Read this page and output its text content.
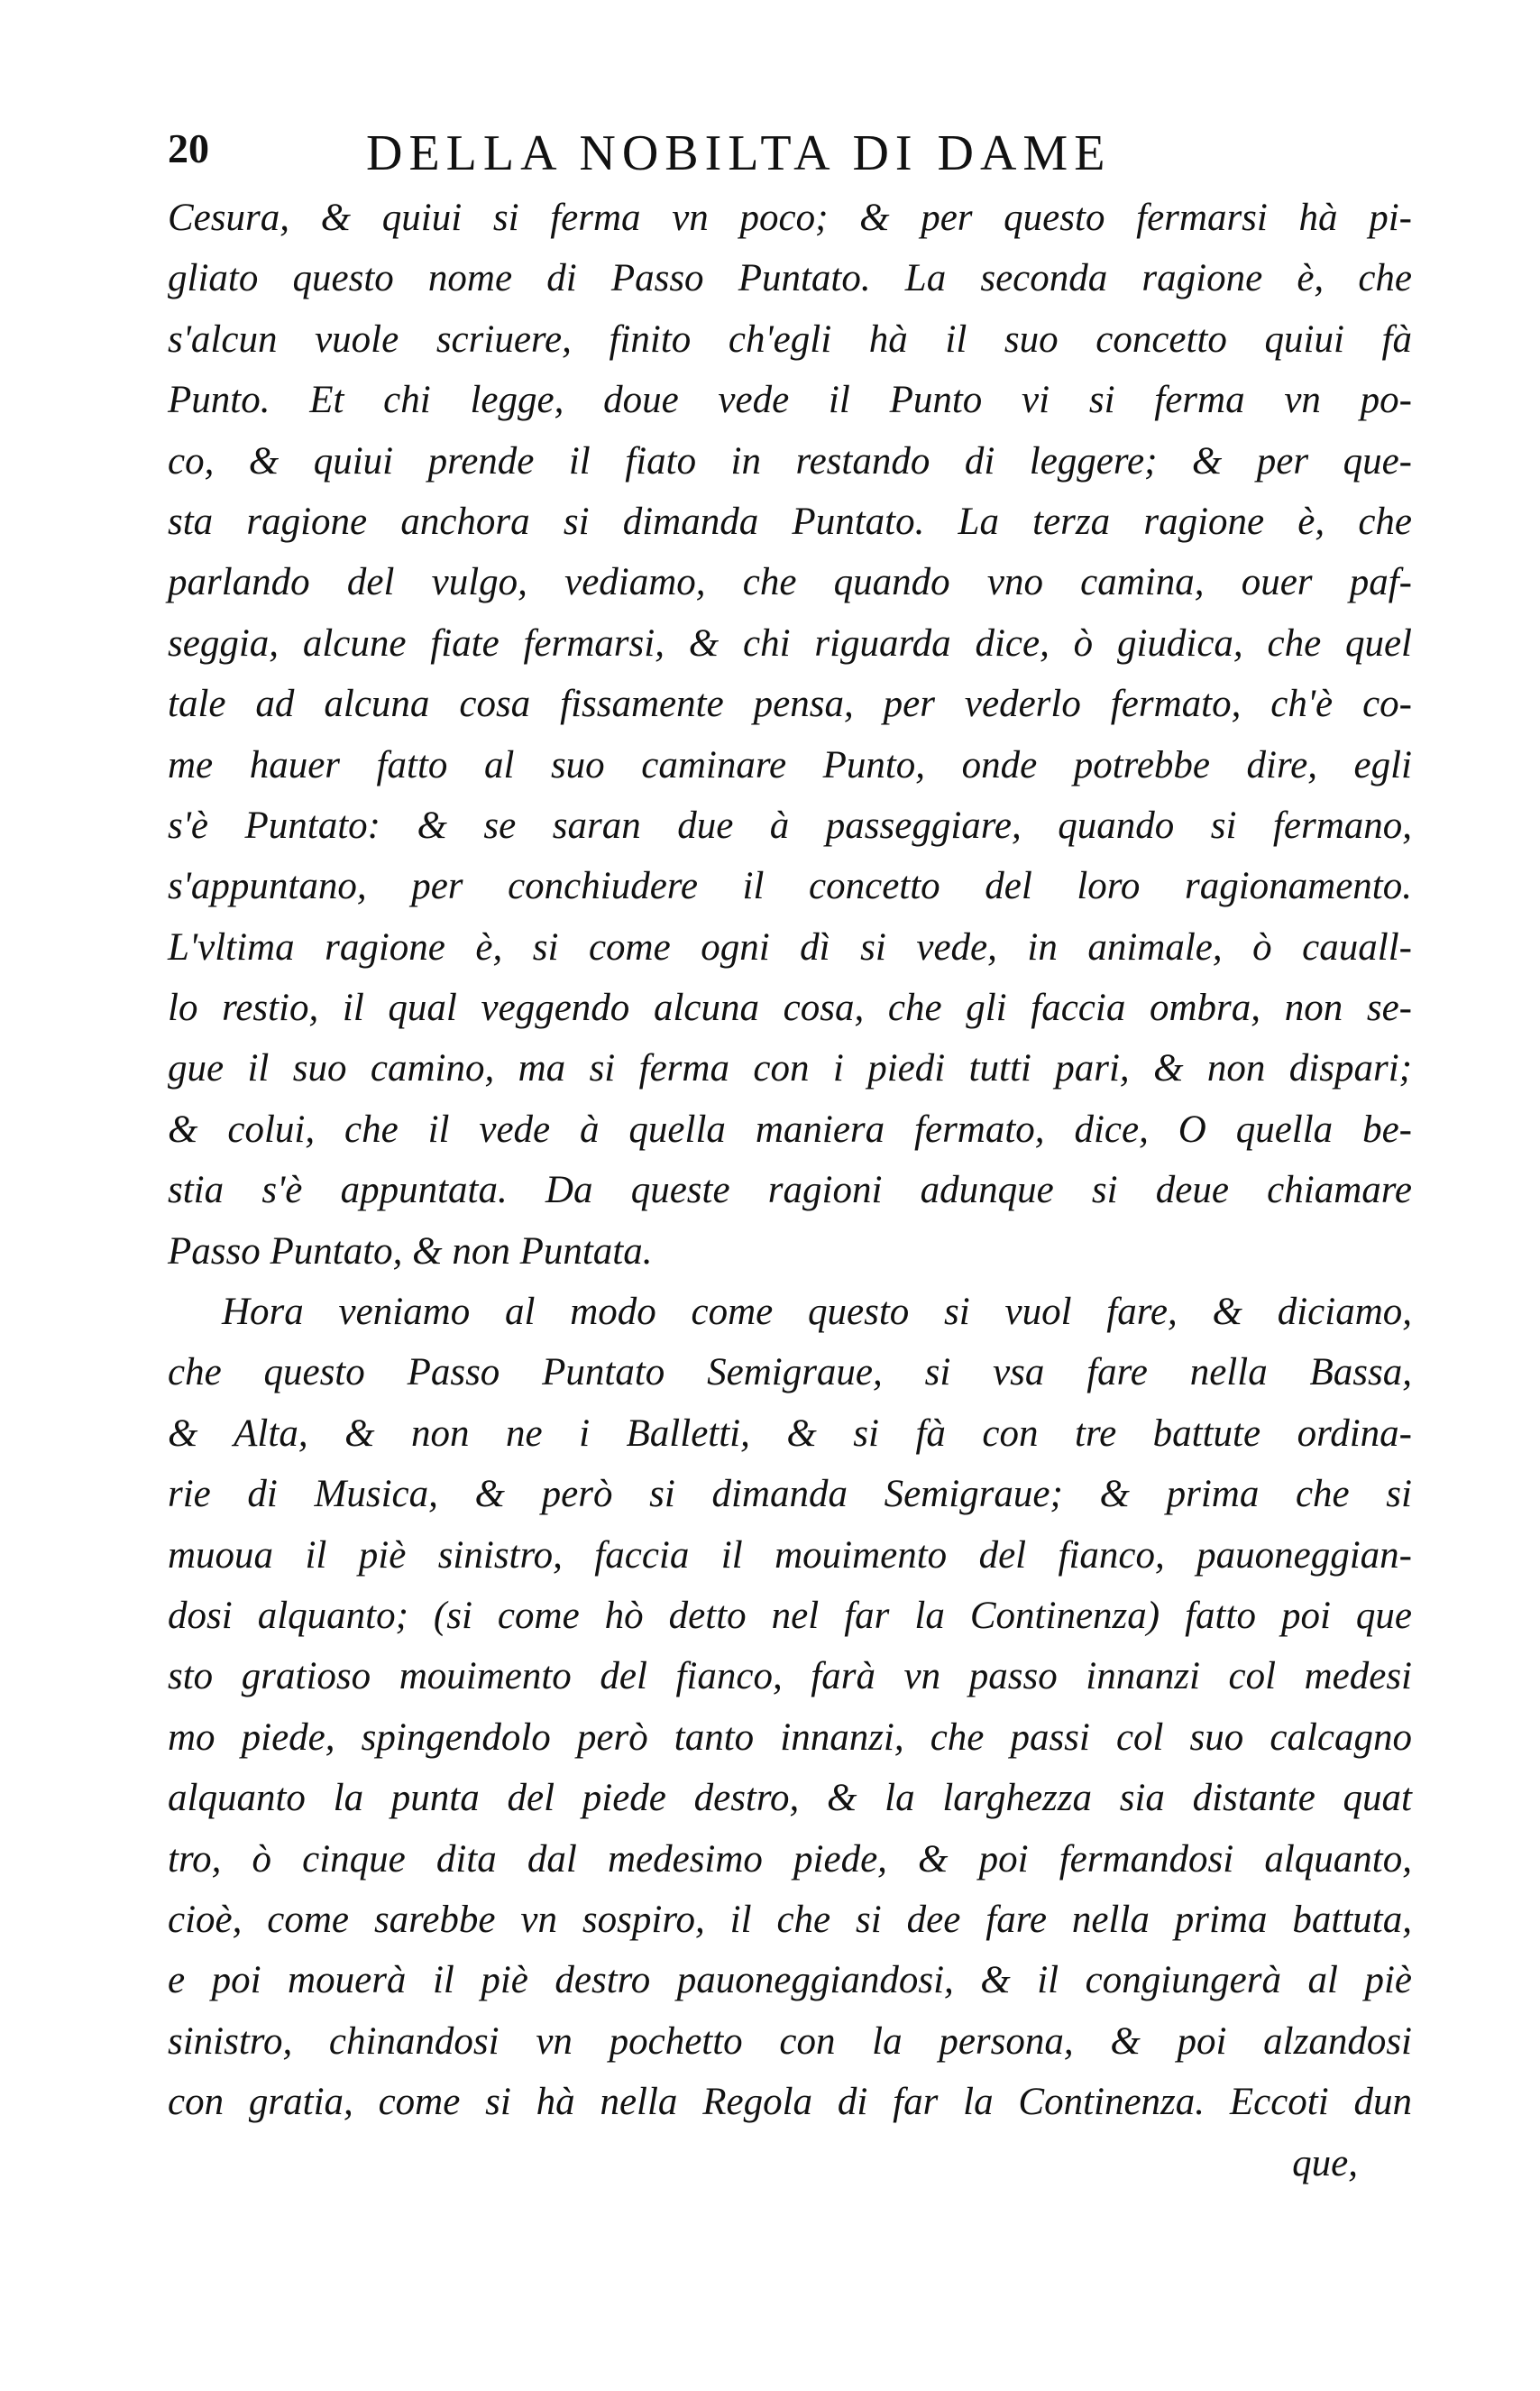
20	DELLA NOBILTA DI DAME
Cesura, & quiui si ferma vn poco; & per questo fermarsi hà pi-
gliato questo nome di Passo Puntato. La seconda ragione è, che
s'alcun vuole scriuere, finito ch'egli hà il suo concetto quiui fà
Punto. Et chi legge, doue vede il Punto vi si ferma vn po-
co, & quiui prende il fiato in restando di leggere; & per que-
sta ragione anchora si dimanda Puntato. La terza ragione è, che
parlando del vulgo, vediamo, che quando vno camina, ouer paf-
seggia, alcune fiate fermarsi, & chi riguarda dice, ò giudica, che quel
tale ad alcuna cosa fissamente pensa, per vederlo fermato, ch'è co-
me hauer fatto al suo caminare Punto, onde potrebbe dire, egli
s'è Puntato: & se saran due à passeggiare, quando si fermano,
s'appuntano, per conchiudere il concetto del loro ragionamento.
L'vltima ragione è, si come ogni dì si vede, in animale, ò cauall-
lo restio, il qual veggendo alcuna cosa, che gli faccia ombra, non se-
gue il suo camino, ma si ferma con i piedi tutti pari, & non dispari;
& colui, che il vede à quella maniera fermato, dice, O quella be-
stia s'è appuntata. Da queste ragioni adunque si deue chiamare
Passo Puntato, & non Puntata.
Hora veniamo al modo come questo si vuol fare, & diciamo,
che questo Passo Puntato Semigraue, si vsa fare nella Bassa,
& Alta, & non ne i Balletti, & si fà con tre battute ordina-
rie di Musica, & però si dimanda Semigraue; & prima che si
muoua il piè sinistro, faccia il mouimento del fianco, pauoneggian-
dosi alquanto; (si come hò detto nel far la Continenza) fatto poi que
sto gratioso mouimento del fianco, farà vn passo innanzi col medesi
mo piede, spingendolo però tanto innanzi, che passi col suo calcagno
alquanto la punta del piede destro, & la larghezza sia distante quat
tro, ò cinque dita dal medesimo piede, & poi fermandosi alquanto,
cioè, come sarebbe vn sospiro, il che si dee fare nella prima battuta,
e poi mouerà il piè destro pauoneggiandosi, & il congiungerà al piè
sinistro, chinandosi vn pochetto con la persona, & poi alzandosi
con gratia, come si hà nella Regola di far la Continenza. Eccoti dun
que,
